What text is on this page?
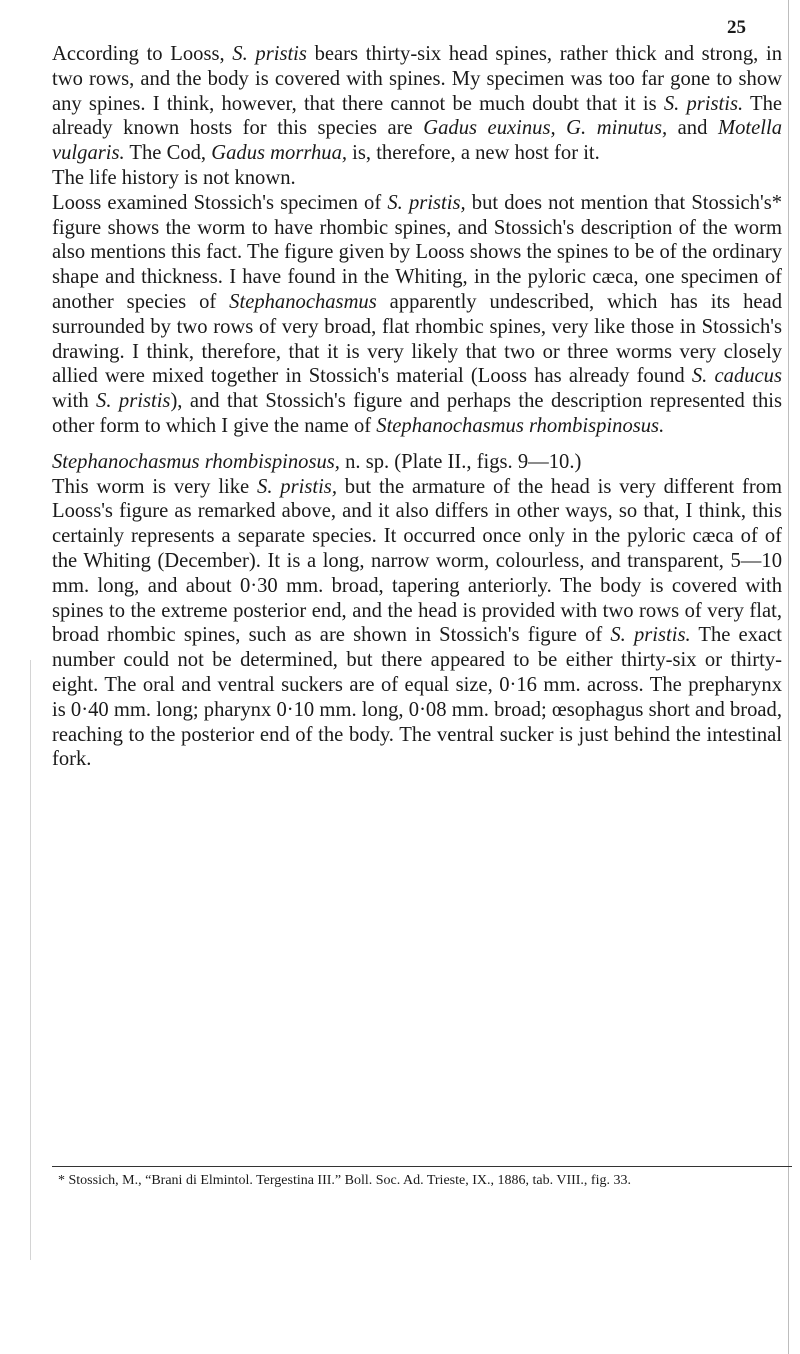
25

According to Looss, S. pristis bears thirty-six head spines, rather thick and strong, in two rows, and the body is covered with spines. My specimen was too far gone to show any spines. I think, however, that there cannot be much doubt that it is S. pristis. The already known hosts for this species are Gadus euxinus, G. minutus, and Motella vulgaris. The Cod, Gadus morrhua, is, therefore, a new host for it.

The life history is not known.

Looss examined Stossich's specimen of S. pristis, but does not mention that Stossich's* figure shows the worm to have rhombic spines, and Stossich's description of the worm also mentions this fact. The figure given by Looss shows the spines to be of the ordinary shape and thickness. I have found in the Whiting, in the pyloric cæca, one specimen of another species of Stephanochasmus apparently undescribed, which has its head surrounded by two rows of very broad, flat rhombic spines, very like those in Stossich's drawing. I think, therefore, that it is very likely that two or three worms very closely allied were mixed together in Stossich's material (Looss has already found S. caducus with S. pristis), and that Stossich's figure and perhaps the description represented this other form to which I give the name of Stephanochasmus rhombispinosus.

Stephanochasmus rhombispinosus, n. sp. (Plate II., figs. 9—10.)

This worm is very like S. pristis, but the armature of the head is very different from Looss's figure as remarked above, and it also differs in other ways, so that, I think, this certainly represents a separate species. It occurred once only in the pyloric cæca of of the Whiting (December). It is a long, narrow worm, colourless, and transparent, 5—10 mm. long, and about 0·30 mm. broad, tapering anteriorly. The body is covered with spines to the extreme posterior end, and the head is provided with two rows of very flat, broad rhombic spines, such as are shown in Stossich's figure of S. pristis. The exact number could not be determined, but there appeared to be either thirty-six or thirty-eight. The oral and ventral suckers are of equal size, 0·16 mm. across. The prepharynx is 0·40 mm. long; pharynx 0·10 mm. long, 0·08 mm. broad; œsophagus short and broad, reaching to the posterior end of the body. The ventral sucker is just behind the intestinal fork.

* Stossich, M., “Brani di Elmintol. Tergestina III.” Boll. Soc. Ad. Trieste, IX., 1886, tab. VIII., fig. 33.
